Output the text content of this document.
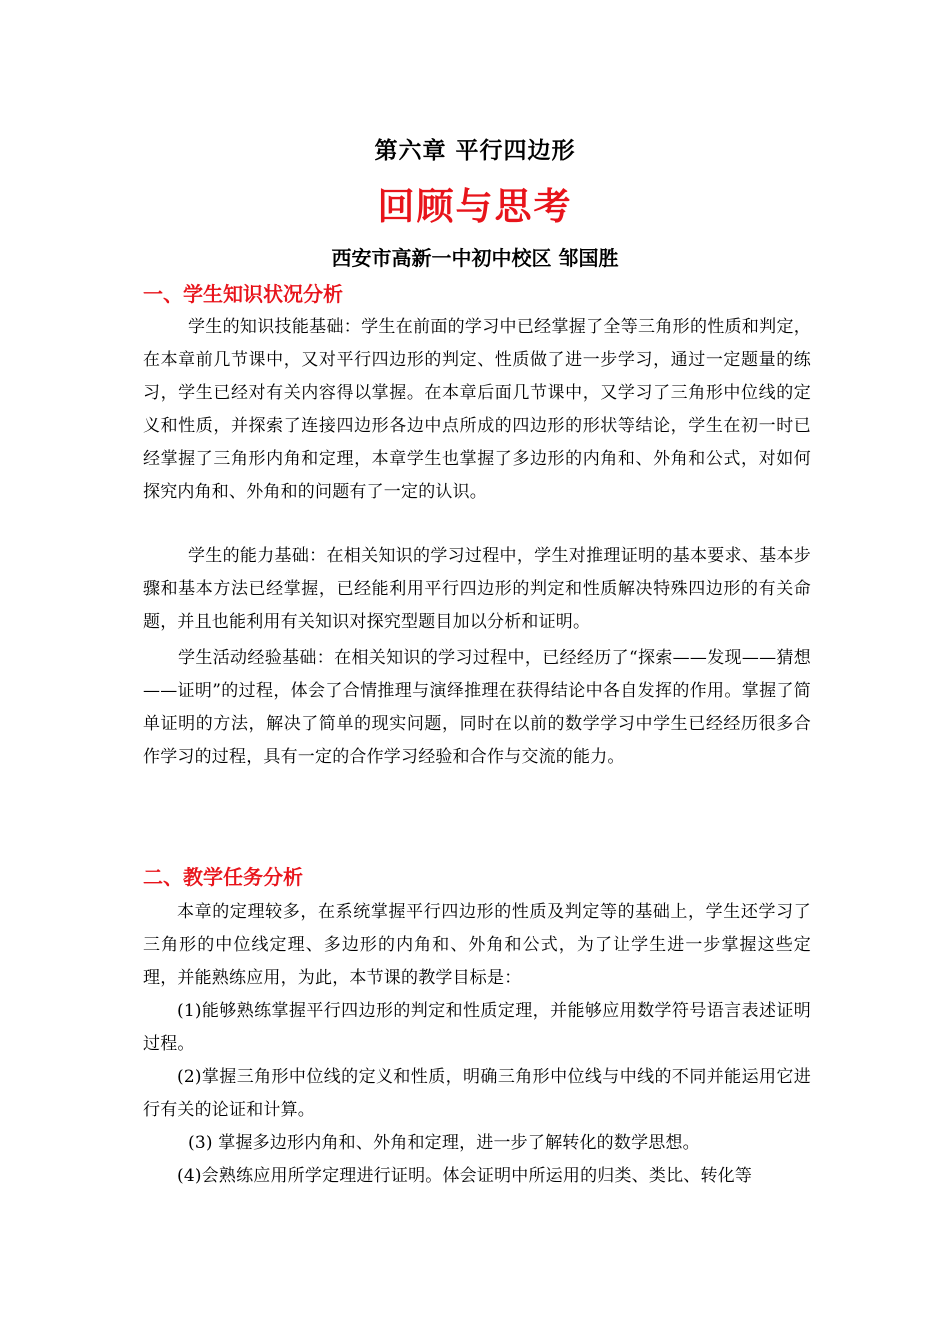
第六章 平行四边形
回顾与思考
西安市高新一中初中校区 邹国胜
一、学生知识状况分析
学生的知识技能基础：学生在前面的学习中已经掌握了全等三角形的性质和判定，在本章前几节课中，又对平行四边形的判定、性质做了进一步学习，通过一定题量的练习，学生已经对有关内容得以掌握。在本章后面几节课中，又学习了三角形中位线的定义和性质，并探索了连接四边形各边中点所成的四边形的形状等结论，学生在初一时已经掌握了三角形内角和定理，本章学生也掌握了多边形的内角和、外角和公式，对如何探究内角和、外角和的问题有了一定的认识。
学生的能力基础：在相关知识的学习过程中，学生对推理证明的基本要求、基本步骤和基本方法已经掌握，已经能利用平行四边形的判定和性质解决特殊四边形的有关命题，并且也能利用有关知识对探究型题目加以分析和证明。
学生活动经验基础：在相关知识的学习过程中，已经经历了“探索——发现——猜想——证明”的过程，体会了合情推理与演绎推理在获得结论中各自发挥的作用。掌握了简单证明的方法，解决了简单的现实问题，同时在以前的数学学习中学生已经经历很多合作学习的过程，具有一定的合作学习经验和合作与交流的能力。
二、教学任务分析
本章的定理较多，在系统掌握平行四边形的性质及判定等的基础上，学生还学习了三角形的中位线定理、多边形的内角和、外角和公式，为了让学生进一步掌握这些定理，并能熟练应用，为此，本节课的教学目标是：
(1)能够熟练掌握平行四边形的判定和性质定理，并能够应用数学符号语言表述证明过程。
(2)掌握三角形中位线的定义和性质，明确三角形中位线与中线的不同并能运用它进行有关的论证和计算。
(3) 掌握多边形内角和、外角和定理，进一步了解转化的数学思想。
(4)会熟练应用所学定理进行证明。体会证明中所运用的归类、类比、转化等
